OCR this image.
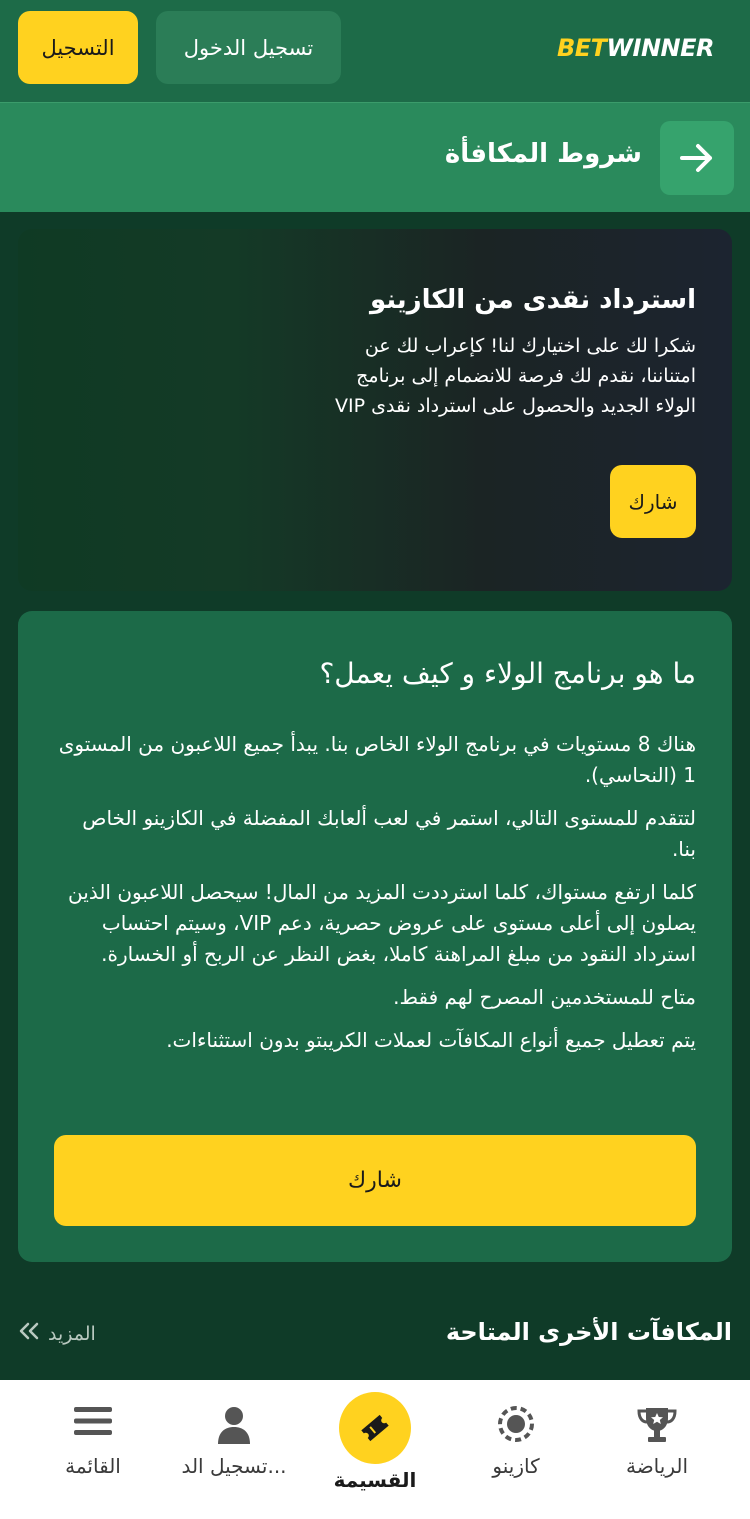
التسجيل	تسجيل الدخول	BETWINNER
شروط المكافأة
استرداد نقدى من الكازينو
شكرا لك على اختيارك لنا! كإعراب لك عن امتناننا، نقدم لك فرصة للانضمام إلى برنامج الولاء الجديد والحصول على استرداد نقدى VIP
شارك
ما هو برنامج الولاء و كيف يعمل؟

هناك 8 مستويات في برنامج الولاء الخاص بنا. يبدأ جميع اللاعبون من المستوى 1 (النحاسي).

لتتقدم للمستوى التالي، استمر في لعب ألعابك المفضلة في الكازينو الخاص بنا.

كلما ارتفع مستواك، كلما استرددت المزيد من المال! سيحصل اللاعبون الذين يصلون إلى أعلى مستوى على عروض حصرية، دعم VIP، وسيتم احتساب استرداد النقود من مبلغ المراهنة كاملا، بغض النظر عن الربح أو الخسارة.

متاح للمستخدمين المصرح لهم فقط.

يتم تعطيل جميع أنواع المكافآت لعملات الكريبتو بدون استثناءات.

شارك
المكافآت الأخرى المتاحة
المزيد
القائمة	تسجيل الد...
القسيمة
كازينو	الرياضة
